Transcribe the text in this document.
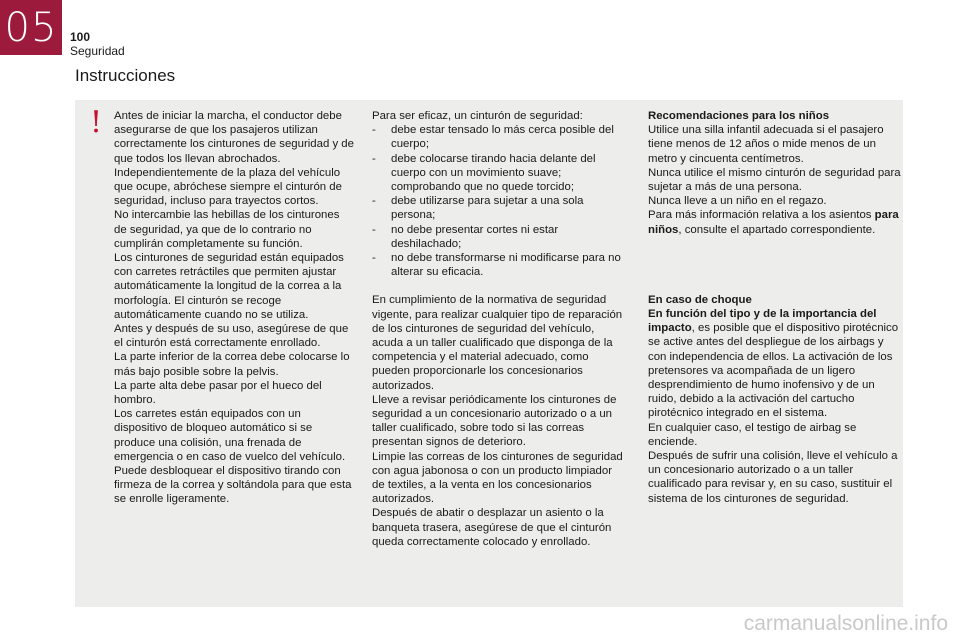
05 100
Seguridad
Instrucciones
! Antes de iniciar la marcha, el conductor debe asegurarse de que los pasajeros utilizan correctamente los cinturones de seguridad y de que todos los llevan abrochados.

Independientemente de la plaza del vehículo que ocupe, abróchese siempre el cinturón de seguridad, incluso para trayectos cortos.

No intercambie las hebillas de los cinturones de seguridad, ya que de lo contrario no cumplirán completamente su función.

Los cinturones de seguridad están equipados con carretes retráctiles que permiten ajustar automáticamente la longitud de la correa a la morfología. El cinturón se recoge automáticamente cuando no se utiliza.

Antes y después de su uso, asegúrese de que el cinturón está correctamente enrollado.

La parte inferior de la correa debe colocarse lo más bajo posible sobre la pelvis.

La parte alta debe pasar por el hueco del hombro.

Los carretes están equipados con un dispositivo de bloqueo automático si se produce una colisión, una frenada de emergencia o en caso de vuelco del vehículo. Puede desbloquear el dispositivo tirando con firmeza de la correa y soltándola para que esta se enrolle ligeramente.

Para ser eficaz, un cinturón de seguridad:

- debe estar tensado lo más cerca posible del cuerpo;
- debe colocarse tirando hacia delante del cuerpo con un movimiento suave; comprobando que no quede torcido;
- debe utilizarse para sujetar a una sola persona;
- no debe presentar cortes ni estar deshilachado;
- no debe transformarse ni modificarse para no alterar su eficacia.

En cumplimiento de la normativa de seguridad vigente, para realizar cualquier tipo de reparación de los cinturones de seguridad del vehículo, acuda a un taller cualificado que disponga de la competencia y el material adecuado, como pueden proporcionarle los concesionarios autorizados.

Lleve a revisar periódicamente los cinturones de seguridad a un concesionario autorizado o a un taller cualificado, sobre todo si las correas presentan signos de deterioro.

Limpie las correas de los cinturones de seguridad con agua jabonosa o con un producto limpiador de textiles, a la venta en los concesionarios autorizados.

Después de abatir o desplazar un asiento o la banqueta trasera, asegúrese de que el cinturón queda correctamente colocado y enrollado.

Recomendaciones para los niños

Utilice una silla infantil adecuada si el pasajero tiene menos de 12 años o mide menos de un metro y cincuenta centímetros.

Nunca utilice el mismo cinturón de seguridad para sujetar a más de una persona.

Nunca lleve a un niño en el regazo.

Para más información relativa a los asientos para niños, consulte el apartado correspondiente.

En caso de choque

En función del tipo y de la importancia del impacto, es posible que el dispositivo pirotécnico se active antes del despliegue de los airbags y con independencia de ellos. La activación de los pretensores va acompañada de un ligero desprendimiento de humo inofensivo y de un ruido, debido a la activación del cartucho pirotécnico integrado en el sistema.

En cualquier caso, el testigo de airbag se enciende.

Después de sufrir una colisión, lleve el vehículo a un concesionario autorizado o a un taller cualificado para revisar y, en su caso, sustituir el sistema de los cinturones de seguridad.

carmanualsonline.info
